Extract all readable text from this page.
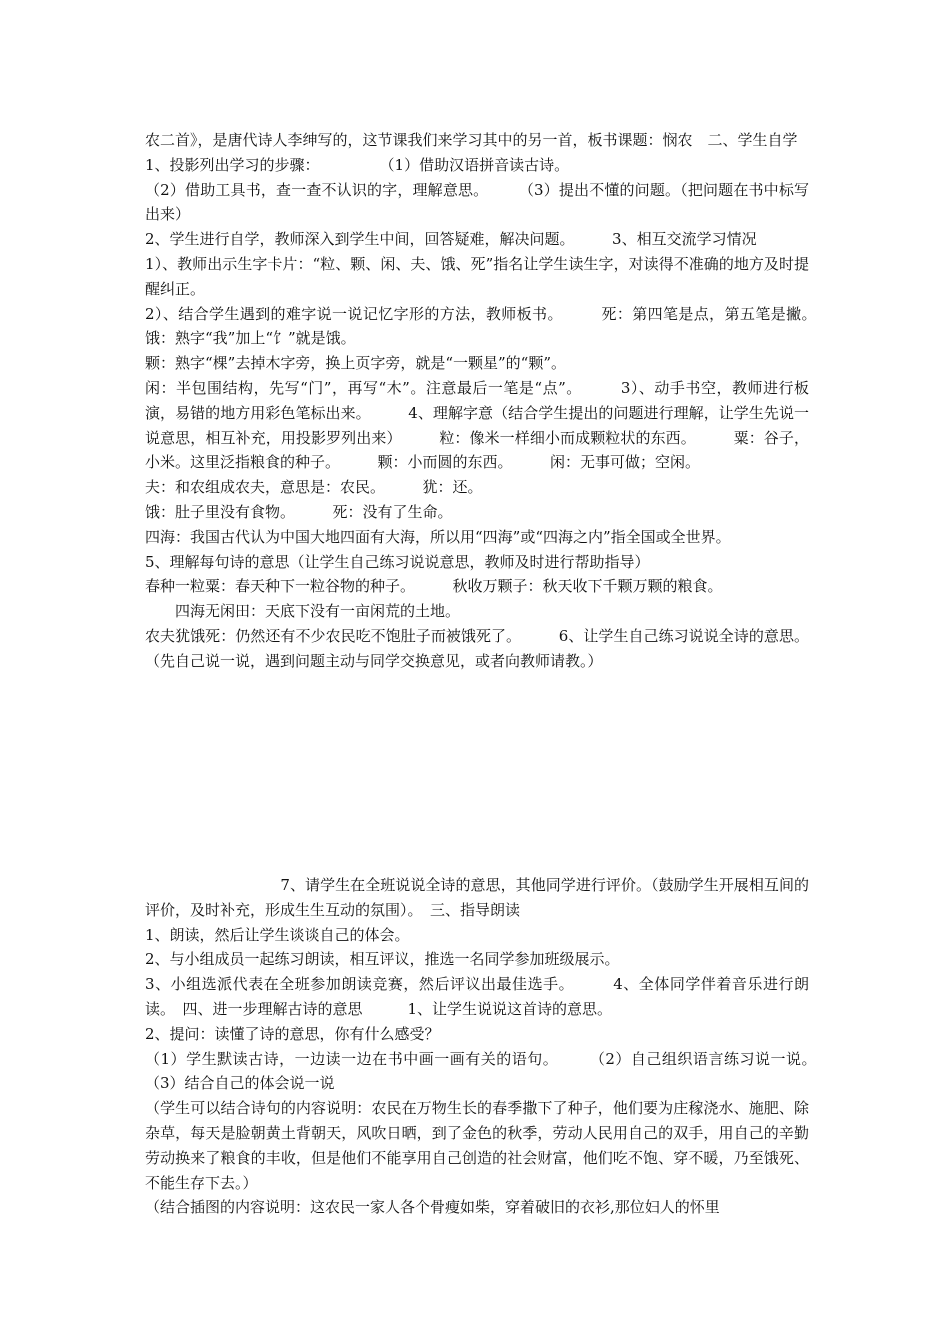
农二首》，是唐代诗人李绅写的，这节课我们来学习其中的另一首，板书课题：悯农　二、学生自学

1、投影列出学习的步骤：　　　　　（1）借助汉语拼音读古诗。

（2）借助工具书，查一查不认识的字，理解意思。　　　（3）提出不懂的问题。（把问题在书中标写出来）

2、学生进行自学，教师深入到学生中间，回答疑难，解决问题。　　　3、相互交流学习情况

1）、教师出示生字卡片：“粒、颗、闲、夫、饿、死”指名让学生读生字，对读得不准确的地方及时提醒纠正。

2）、结合学生遇到的难字说一说记忆字形的方法，教师板书。　　　死：第四笔是点，第五笔是撇。　　　饿：熟字“我”加上“饣”就是饿。

颗：熟字“棵”去掉木字旁，换上页字旁，就是“一颗星”的“颗”。

闲：半包围结构，先写“门”，再写“木”。注意最后一笔是“点”。　　　3）、动手书空，教师进行板演，易错的地方用彩色笔标出来。　　　4、理解字意（结合学生提出的问题进行理解，让学生先说一说意思，相互补充，用投影罗列出来）　　　粒：像米一样细小而成颗粒状的东西。　　　粟：谷子，小米。这里泛指粮食的种子。　　　颗：小而圆的东西。　　　闲：无事可做；空闲。

夫：和农组成农夫，意思是：农民。　　　犹：还。

饿：肚子里没有食物。　　　死：没有了生命。

四海：我国古代认为中国大地四面有大海，所以用“四海”或“四海之内”指全国或全世界。

5、理解每句诗的意思（让学生自己练习说说意思，教师及时进行帮助指导）

春种一粒粟：春天种下一粒谷物的种子。　　　秋收万颗子：秋天收下千颗万颗的粮食。

　　四海无闲田：天底下没有一亩闲荒的土地。

农夫犹饿死：仍然还有不少农民吃不饱肚子而被饿死了。　　　6、让学生自己练习说说全诗的意思。（先自己说一说，遇到问题主动与同学交换意见，或者向教师请教。）

　　　　　　　　　7、请学生在全班说说全诗的意思，其他同学进行评价。（鼓励学生开展相互间的评价，及时补充，形成生生互动的氛围）。　三、指导朗读

1、朗读，然后让学生谈谈自己的体会。

2、与小组成员一起练习朗读，相互评议，推选一名同学参加班级展示。

3、小组选派代表在全班参加朗读竞赛，然后评议出最佳选手。　　　4、全体同学伴着音乐进行朗读。　四、进一步理解古诗的意思　　　1、让学生说说这首诗的意思。

2、提问：读懂了诗的意思，你有什么感受？

（1）学生默读古诗，一边读一边在书中画一画有关的语句。　　　（2）自己组织语言练习说一说。　　　（3）结合自己的体会说一说

（学生可以结合诗句的内容说明：农民在万物生长的春季撒下了种子，他们要为庄稼浇水、施肥、除杂草，每天是脸朝黄土背朝天，风吹日晒，到了金色的秋季，劳动人民用自己的双手，用自己的辛勤劳动换来了粮食的丰收，但是他们不能享用自己创造的社会财富，他们吃不饱、穿不暖，乃至饿死、不能生存下去。）

（结合插图的内容说明：这农民一家人各个骨瘦如柴，穿着破旧的衣衫,那位妇人的怀里
